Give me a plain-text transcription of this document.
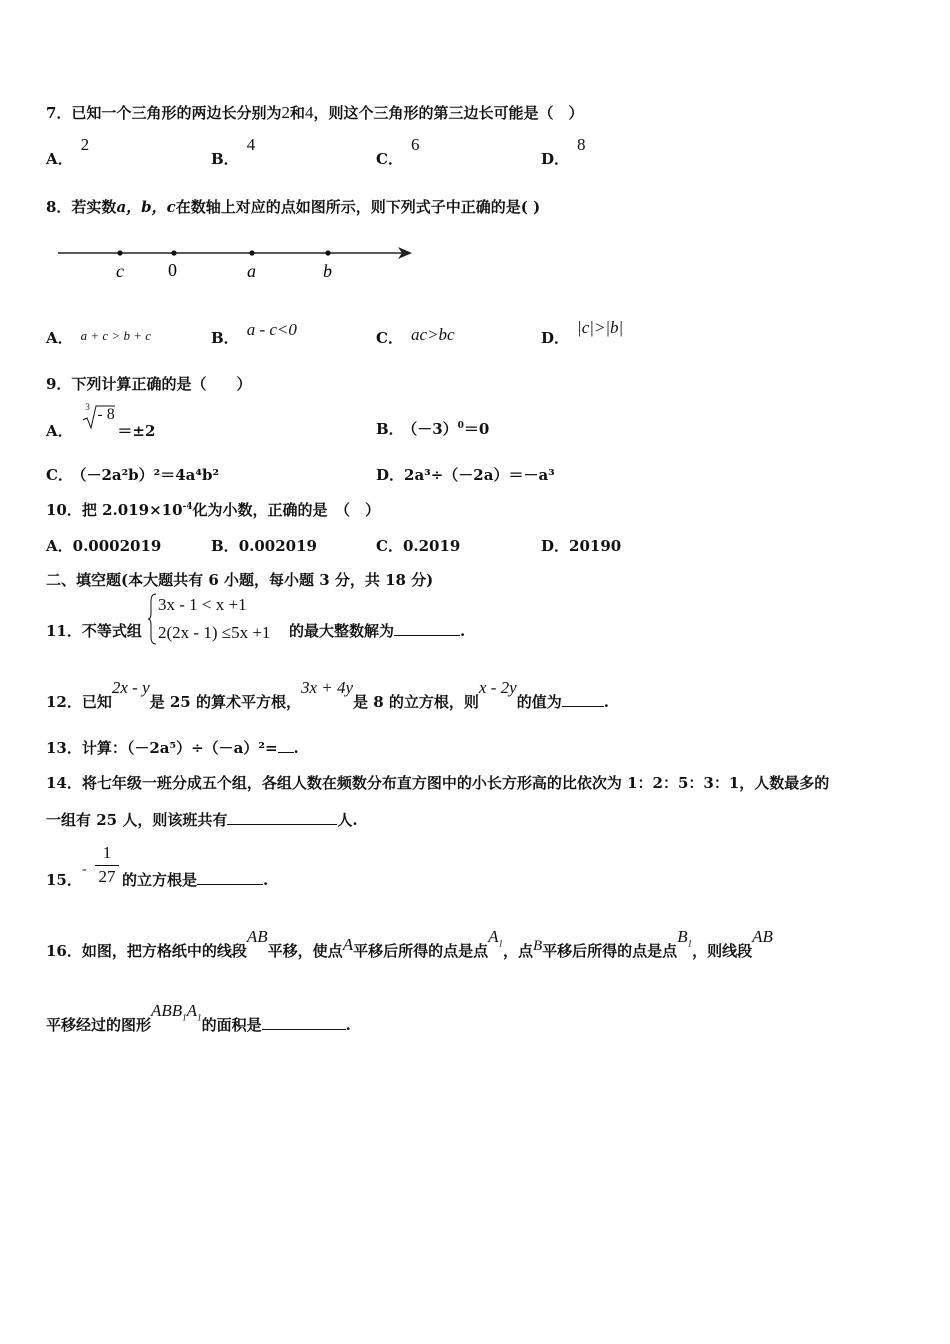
7．已知一个三角形的两边长分别为2和4，则这个三角形的第三边长可能是（　）
A．2
B．4
C．6
D．8
8．若实数a，b，c在数轴上对应的点如图所示，则下列式子中正确的是( )
c 0	a	b
A． a + c > b + c	B． a - c<0	C． ac>bc	D．|c|>|b|
9．下列计算正确的是（　　）
A．
3 - 8
＝±2	B． $(-3)^0=0$
C． （－2a²b）²＝4a⁴b²	D．2a³÷（－2a）＝－a³
10．把 $2.019\times 10^{-4}$化为小数，正确的是　（　）
A．0.0002019	B．0.002019	C．0.2019	D．20190
二、填空题(本大题共有 6 小题，每小题 3 分，共 18 分)
11．不等式组
3x - 1 < x +1
2(2x - 1) ≤5x +1 的最大整数解为	.
12．已知2x - y是 25 的算术平方根，3x + 4y是 8 的立方根，则x - 2y的值为	.
13．计算：（－2a⁵）÷（－a）²= .
14．将七年级一班分成五个组，各组人数在频数分布直方图中的小长方形高的比依次为 1：2：5：3：1，人数最多的
一组有 25 人，则该班共有	人.
15．
-
1
27 的立方根是	.
16．如图，把方格纸中的线段AB平移，使点A平移后所得的点是点$A_1$，点B平移后所得的点是点$B_1$，则线段AB
平移经过的图形$ABB_1A_1$的面积是	.
